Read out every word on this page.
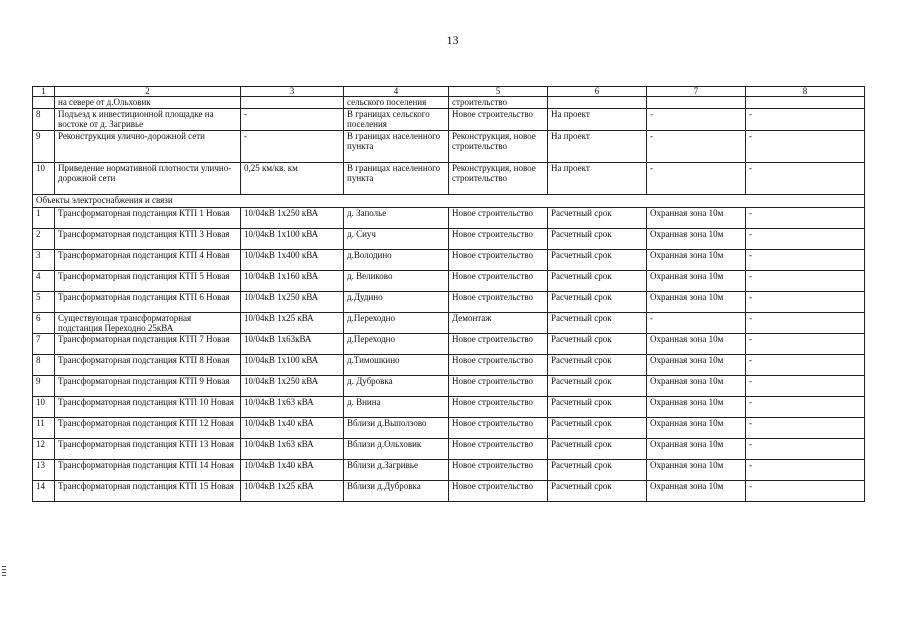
13
1	2	3	4	5	6	7	8
	на севере от д.Ольховик		сельского поселения	строительство			
8	Подъезд к инвестиционной площадке на востоке от д. Загривье	-	В границах сельского поселения	Новое строительство	На проект	-	-
9	Реконструкция улично-дорожной сети	-	В границах населенного пункта	Реконструкция, новое строительство	На проект	-	-
10	Приведение нормативной плотности улично-дорожной сети	0,25 км/кв. км	В границах населенного пункта	Реконструкция, новое строительство	На проект	-	-
Объекты электроснабжения и связи							
1	Трансформаторная подстанция КТП 1 Новая	10/04кВ 1х250 кВА	д. Заполье	Новое строительство	Расчетный срок	Охранная зона 10м	-
2	Трансформаторная подстанция КТП 3 Новая	10/04кВ 1х100 кВА	д. Сиуч	Новое строительство	Расчетный срок	Охранная зона 10м	-
3	Трансформаторная подстанция КТП 4 Новая	10/04кВ 1х400 кВА	д.Володино	Новое строительство	Расчетный срок	Охранная зона 10м	-
4	Трансформаторная подстанция КТП 5 Новая	10/04кВ 1х160 кВА	д. Великово	Новое строительство	Расчетный срок	Охранная зона 10м	-
5	Трансформаторная подстанция КТП 6 Новая	10/04кВ 1х250 кВА	д.Дудино	Новое строительство	Расчетный срок	Охранная зона 10м	-
6	Существующая трансформаторная подстанция Переходно 25кВА	10/04кВ 1х25 кВА	д.Переходно	Демонтаж	Расчетный срок	-	-
7	Трансформаторная подстанция КТП 7 Новая	10/04кВ 1х63кВА	д.Переходно	Новое строительство	Расчетный срок	Охранная зона 10м	-
8	Трансформаторная подстанция КТП 8 Новая	10/04кВ 1х100 кВА	д.Тимошкино	Новое строительство	Расчетный срок	Охранная зона 10м	-
9	Трансформаторная подстанция КТП 9 Новая	10/04кВ 1х250 кВА	д. Дубровка	Новое строительство	Расчетный срок	Охранная зона 10м	-
10	Трансформаторная подстанция КТП 10 Новая	10/04кВ 1х63 кВА	д. Внина	Новое строительство	Расчетный срок	Охранная зона 10м	-
11	Трансформаторная подстанция КТП 12 Новая	10/04кВ 1х40 кВА	Вблизи д.Выползово	Новое строительство	Расчетный срок	Охранная зона 10м	-
12	Трансформаторная подстанция КТП 13 Новая	10/04кВ 1х63 кВА	Вблизи д.Ольховик	Новое строительство	Расчетный срок	Охранная зона 10м	-
13	Трансформаторная подстанция КТП 14 Новая	10/04кВ 1х40 кВА	Вблизи д.Загривье	Новое строительство	Расчетный срок	Охранная зона 10м	-
14	Трансформаторная подстанция КТП 15 Новая	10/04кВ 1х25 кВА	Вблизи д.Дубровка	Новое строительство	Расчетный срок	Охранная зона 10м	-
